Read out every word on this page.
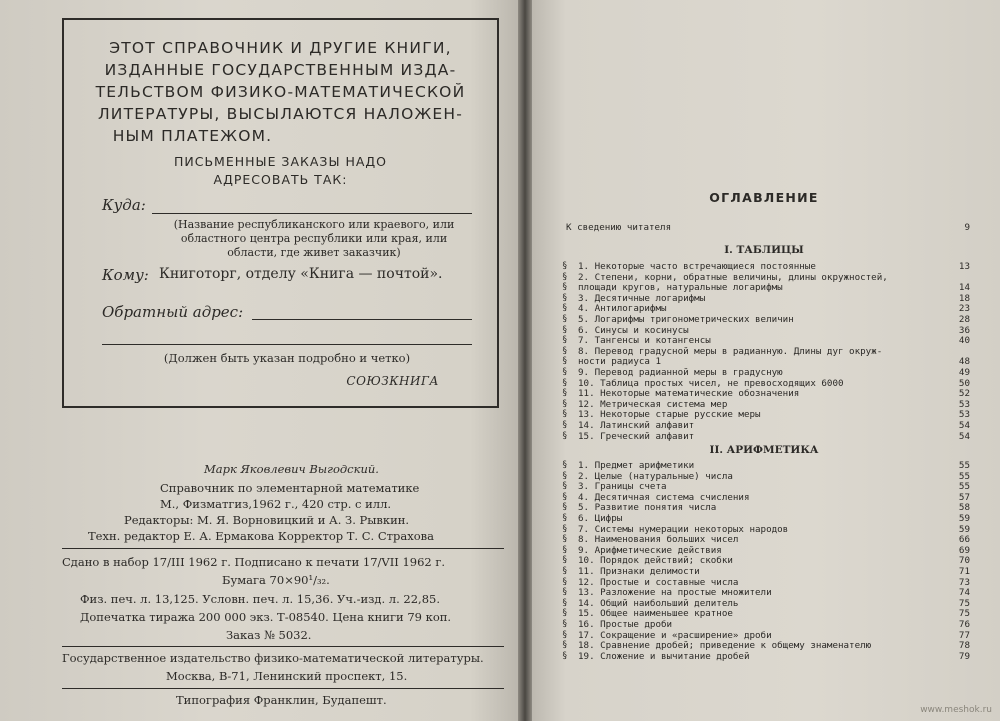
ЭТОТ СПРАВОЧНИК И ДРУГИЕ КНИГИ,
ИЗДАННЫЕ ГОСУДАРСТВЕННЫМ ИЗДА-
ТЕЛЬСТВОМ ФИЗИКО-МАТЕМАТИЧЕСКОЙ
ЛИТЕРАТУРЫ, ВЫСЫЛАЮТСЯ НАЛОЖЕН-
НЫМ ПЛАТЕЖОМ.
ПИСЬМЕННЫЕ ЗАКАЗЫ НАДО
АДРЕСОВАТЬ ТАК:
Куда:
(Название республиканского или краевого, или
областного центра республики или края, или
области, где живет заказчик)
Кому: Книготорг, отделу «Книга — почтой».
Обратный адрес:
(Должен быть указан подробно и четко)
СОЮЗКНИГА
Марк Яковлевич Выгодский.
Справочник по элементарной математике
М., Физматгиз,1962 г., 420 стр. с илл.
Редакторы: М. Я. Ворновицкий и А. З. Рывкин.
Техн. редактор Е. А. Ермакова Корректор Т. С. Страхова
Сдано в набор 17/III 1962 г. Подписано к печати 17/VII 1962 г.
Бумага 70×90¹/₃₂.
Физ. печ. л. 13,125. Условн. печ. л. 15,36. Уч.-изд. л. 22,85.
Допечатка тиража 200 000 экз. Т-08540. Цена книги 79 коп.
Заказ № 5032.
Государственное издательство физико-математической литературы.
Москва, В-71, Ленинский проспект, 15.
Типография Франклин, Будапешт.
ОГЛАВЛЕНИЕ
К сведению читателя	9
I. ТАБЛИЦЫ
§ 1. Некоторые часто встречающиеся постоянные	13
§ 2. Степени, корни, обратные величины, длины окружностей,
§ площади кругов, натуральные логарифмы	14
§ 3. Десятичные логарифмы	18
§ 4. Антилогарифмы	23
§ 5. Логарифмы тригонометрических величин	28
§ 6. Синусы и косинусы	36
§ 7. Тангенсы и котангенсы	40
§ 8. Перевод градусной меры в радианную. Длины дуг окруж-
§ ности радиуса 1	48
§ 9. Перевод радианной меры в градусную	49
§ 10. Таблица простых чисел, не превосходящих 6000	50
§ 11. Некоторые математические обозначения	52
§ 12. Метрическая система мер	53
§ 13. Некоторые старые русские меры	53
§ 14. Латинский алфавит	54
§ 15. Греческий алфавит	54
II. АРИФМЕТИКА
§ 1. Предмет арифметики	55
§ 2. Целые (натуральные) числа	55
§ 3. Границы счета	55
§ 4. Десятичная система счисления	57
§ 5. Развитие понятия числа	58
§ 6. Цифры	59
§ 7. Системы нумерации некоторых народов	59
§ 8. Наименования больших чисел	66
§ 9. Арифметические действия	69
§ 10. Порядок действий; скобки	70
§ 11. Признаки делимости	71
§ 12. Простые и составные числа	73
§ 13. Разложение на простые множители	74
§ 14. Общий наибольший делитель	75
§ 15. Общее наименьшее кратное	75
§ 16. Простые дроби	76
§ 17. Сокращение и «расширение» дроби	77
§ 18. Сравнение дробей; приведение к общему знаменателю	78
§ 19. Сложение и вычитание дробей	79
www.meshok.ru
